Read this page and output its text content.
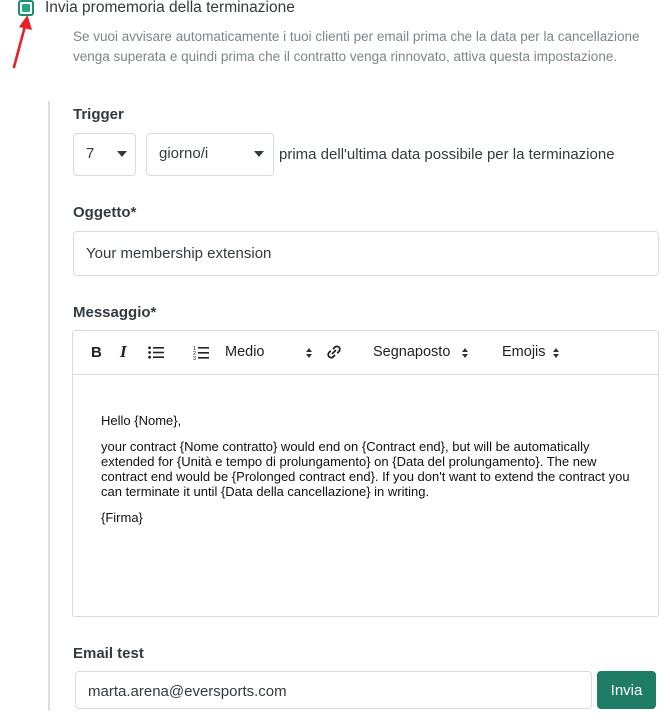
Invia promemoria della terminazione
Se vuoi avvisare automaticamente i tuoi clienti per email prima che la data per la cancellazione venga superata e quindi prima che il contratto venga rinnovato, attiva questa impostazione.
Trigger
7	giorno/i	prima dell'ultima data possibile per la terminazione
Oggetto*
Your membership extension
Messaggio*
B I	1
2
3 Medio	Segnaposto	Emojis

Hello {Nome},

your contract {Nome contratto} would end on {Contract end}, but will be automatically extended for {Unità e tempo di prolungamento} on {Data del prolungamento}. The new contract end would be {Prolonged contract end}. If you don't want to extend the contract you can terminate it until {Data della cancellazione} in writing.

{Firma}

Email test
marta.arena@eversports.com	Invia
